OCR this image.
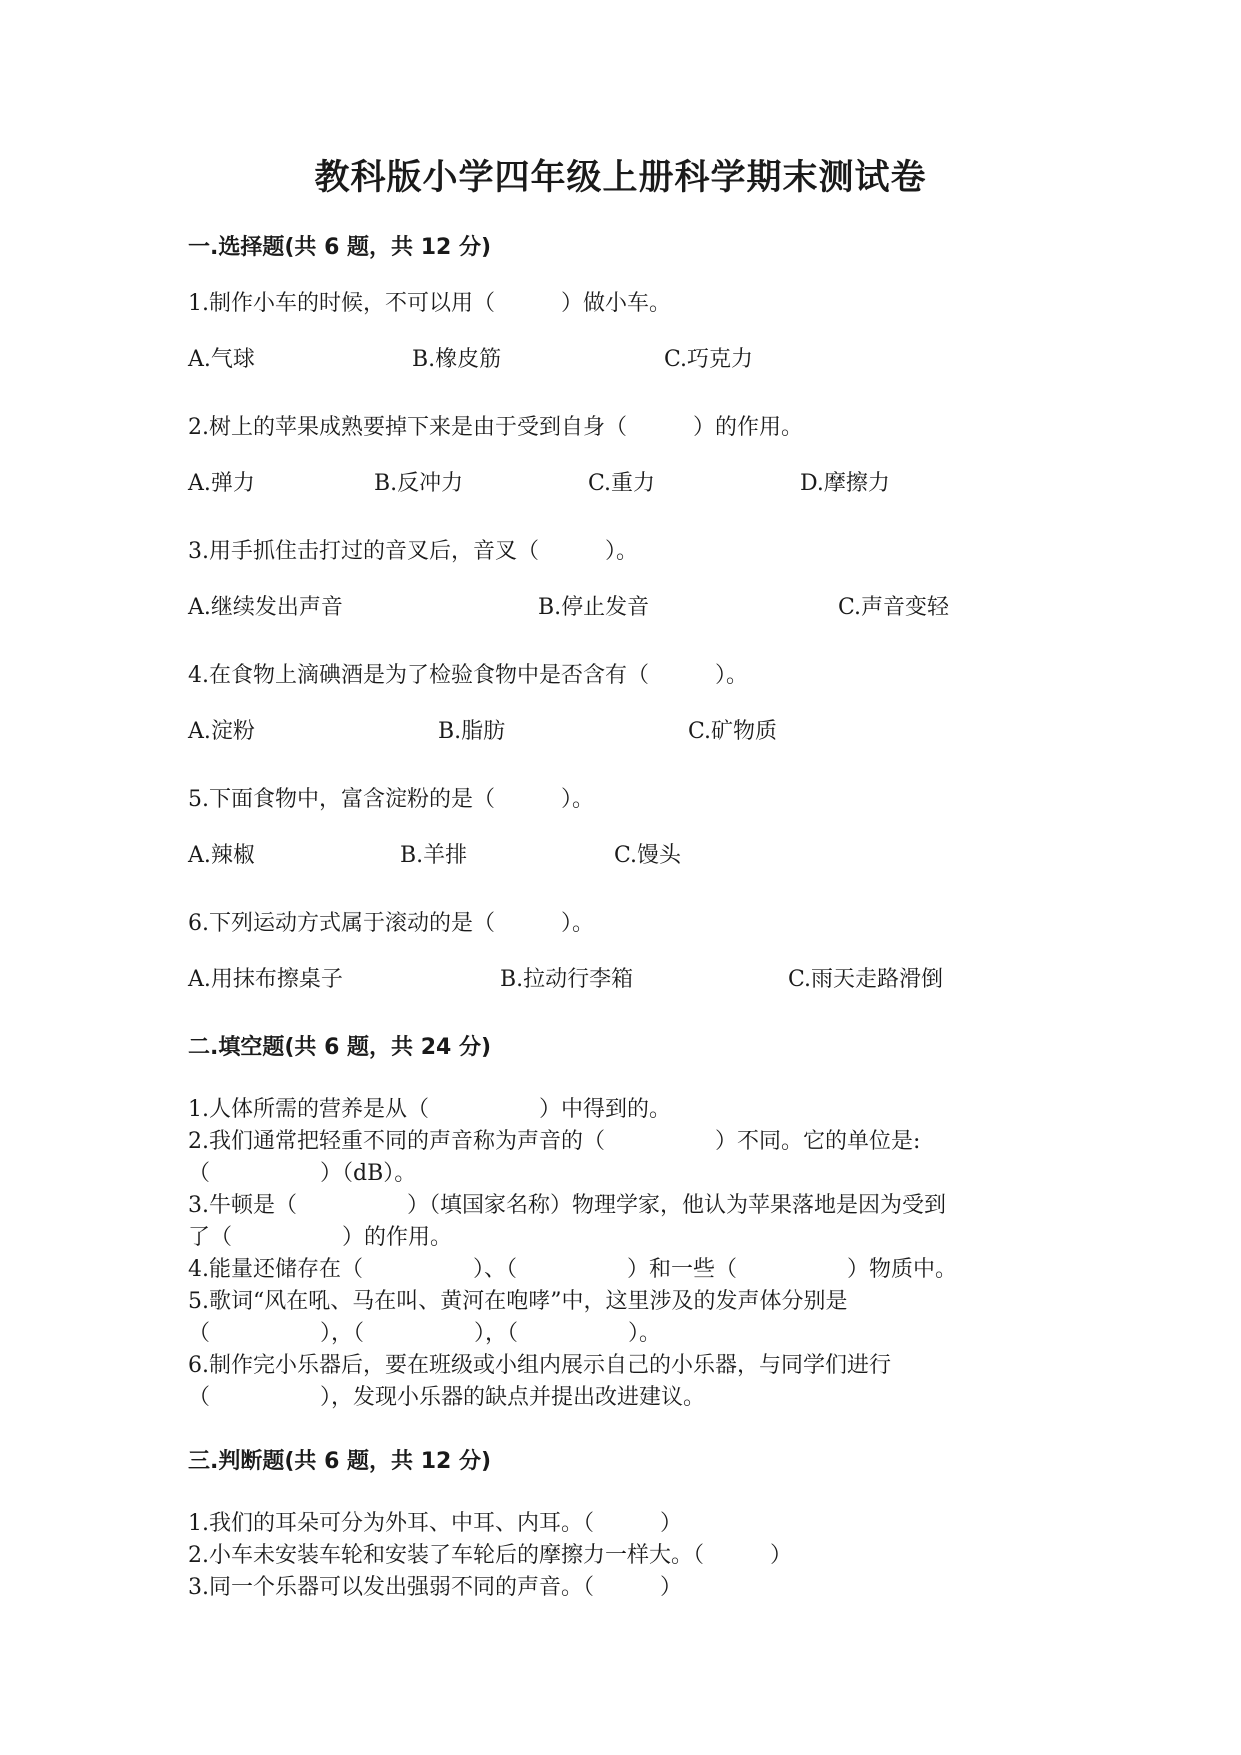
教科版小学四年级上册科学期末测试卷
一.选择题(共 6 题，共 12 分)
1.制作小车的时候，不可以用（　　　）做小车。
A.气球	B.橡皮筋	C.巧克力
2.树上的苹果成熟要掉下来是由于受到自身（　　　）的作用。
A.弹力	B.反冲力	C.重力	D.摩擦力
3.用手抓住击打过的音叉后，音叉（　　　）。
A.继续发出声音	B.停止发音	C.声音变轻
4.在食物上滴碘酒是为了检验食物中是否含有（　　　）。
A.淀粉	B.脂肪	C.矿物质
5.下面食物中，富含淀粉的是（　　　）。
A.辣椒	B.羊排	C.馒头
6.下列运动方式属于滚动的是（　　　）。
A.用抹布擦桌子	B.拉动行李箱	C.雨天走路滑倒
二.填空题(共 6 题，共 24 分)
1.人体所需的营养是从（　　　　　）中得到的。
2.我们通常把轻重不同的声音称为声音的（　　　　　）不同。它的单位是:
（　　　　　）（dB）。
3.牛顿是（　　　　　）（填国家名称）物理学家，他认为苹果落地是因为受到
了（　　　　　）的作用。
4.能量还储存在（　　　　　）、（　　　　　）和一些（　　　　　）物质中。
5.歌词“风在吼、马在叫、黄河在咆哮”中，这里涉及的发声体分别是
（　　　　　），（　　　　　），（　　　　　）。
6.制作完小乐器后，要在班级或小组内展示自己的小乐器，与同学们进行
（　　　　　），发现小乐器的缺点并提出改进建议。
三.判断题(共 6 题，共 12 分)
1.我们的耳朵可分为外耳、中耳、内耳。（　　　）
2.小车未安装车轮和安装了车轮后的摩擦力一样大。（　　　）
3.同一个乐器可以发出强弱不同的声音。（　　　）
